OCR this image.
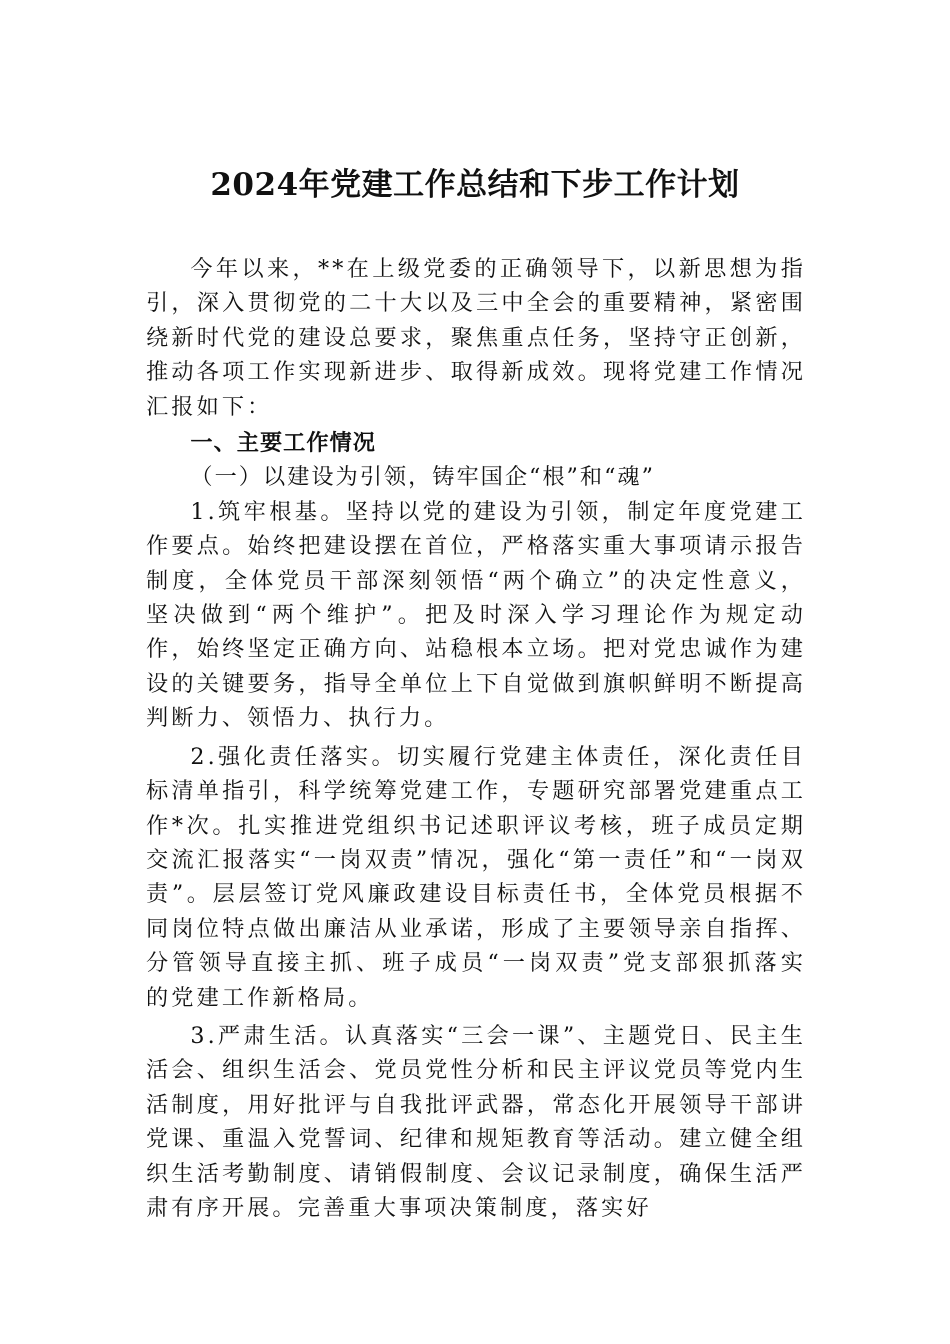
2024年党建工作总结和下步工作计划

今年以来，**在上级党委的正确领导下，以新思想为指引，深入贯彻党的二十大以及三中全会的重要精神，紧密围绕新时代党的建设总要求，聚焦重点任务，坚持守正创新，推动各项工作实现新进步、取得新成效。现将党建工作情况汇报如下：

一、主要工作情况

（一）以建设为引领，铸牢国企“根”和“魂”

1.筑牢根基。坚持以党的建设为引领，制定年度党建工作要点。始终把建设摆在首位，严格落实重大事项请示报告制度，全体党员干部深刻领悟“两个确立”的决定性意义，坚决做到“两个维护”。把及时深入学习理论作为规定动作，始终坚定正确方向、站稳根本立场。把对党忠诚作为建设的关键要务，指导全单位上下自觉做到旗帜鲜明不断提高判断力、领悟力、执行力。

2.强化责任落实。切实履行党建主体责任，深化责任目标清单指引，科学统筹党建工作，专题研究部署党建重点工作*次。扎实推进党组织书记述职评议考核，班子成员定期交流汇报落实“一岗双责”情况，强化“第一责任”和“一岗双责”。层层签订党风廉政建设目标责任书，全体党员根据不同岗位特点做出廉洁从业承诺，形成了主要领导亲自指挥、分管领导直接主抓、班子成员“一岗双责”党支部狠抓落实的党建工作新格局。

3.严肃生活。认真落实“三会一课”、主题党日、民主生活会、组织生活会、党员党性分析和民主评议党员等党内生活制度，用好批评与自我批评武器，常态化开展领导干部讲党课、重温入党誓词、纪律和规矩教育等活动。建立健全组织生活考勤制度、请销假制度、会议记录制度，确保生活严肃有序开展。完善重大事项决策制度，落实好
